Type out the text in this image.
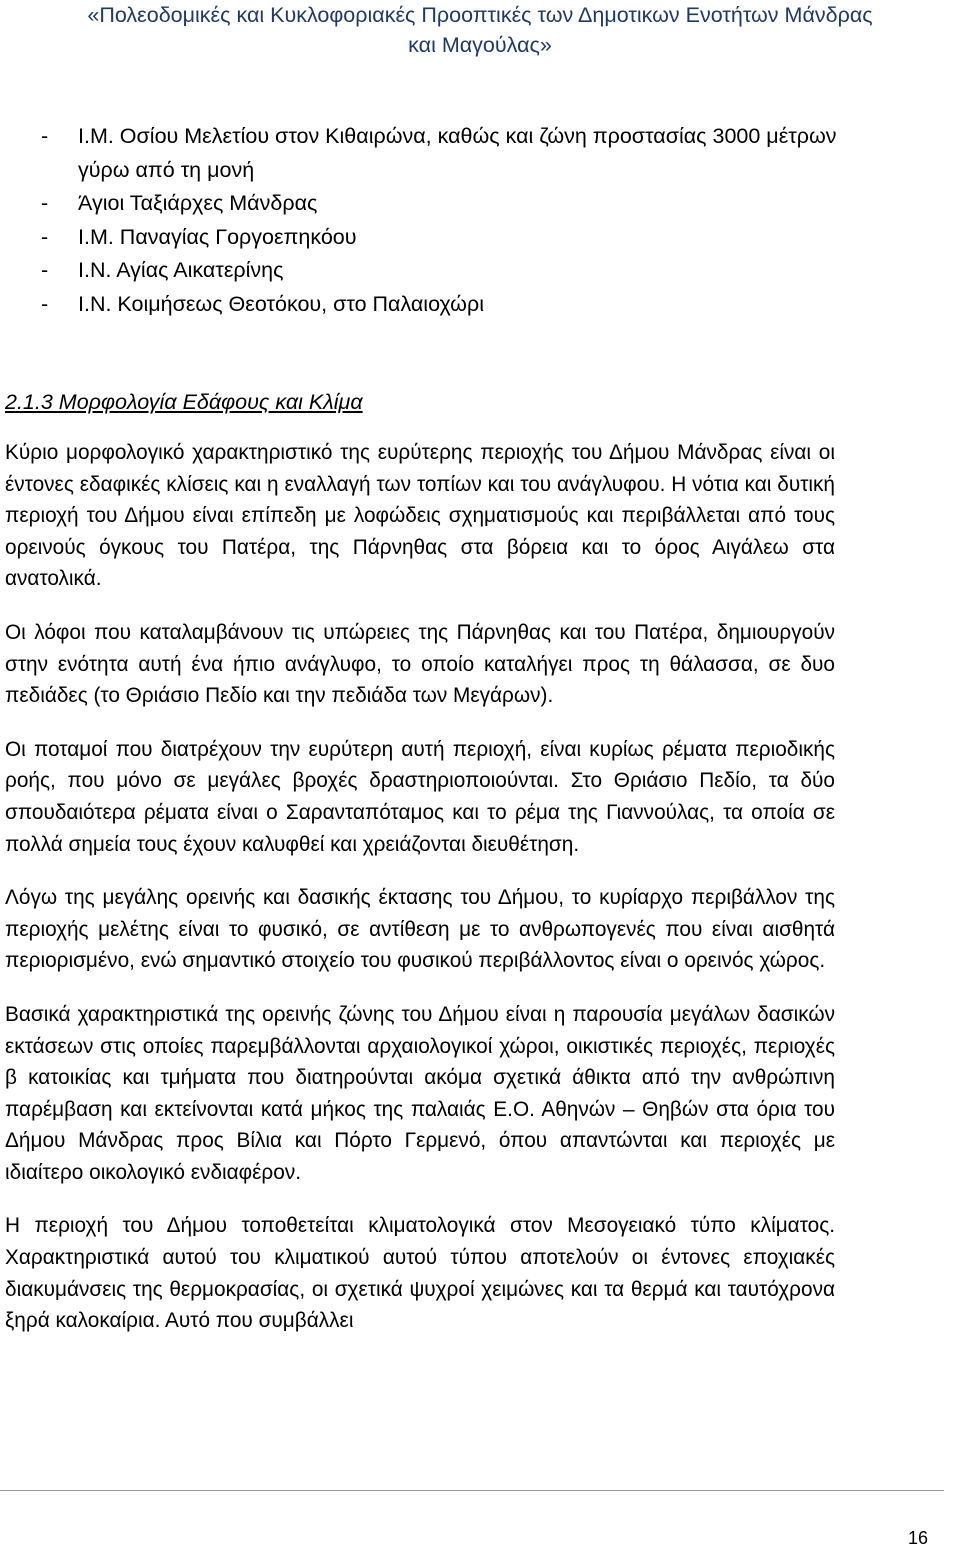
«Πολεοδομικές και Κυκλοφοριακές Προοπτικές των Δημοτικων Ενοτήτων Μάνδρας
και Μαγούλας»
- Ι.Μ. Οσίου Μελετίου στον Κιθαιρώνα, καθώς και ζώνη προστασίας 3000 μέτρων γύρω από τη μονή
- Άγιοι Ταξιάρχες Μάνδρας
- Ι.Μ. Παναγίας Γοργοεπηκόου
- Ι.Ν. Αγίας Αικατερίνης
- Ι.Ν. Κοιμήσεως Θεοτόκου, στο Παλαιοχώρι
2.1.3 Μορφολογία Εδάφους και Κλίμα

Κύριο μορφολογικό χαρακτηριστικό της ευρύτερης περιοχής του Δήμου Μάνδρας είναι οι έντονες εδαφικές κλίσεις και η εναλλαγή των τοπίων και του ανάγλυφου. Η νότια και δυτική περιοχή του Δήμου είναι επίπεδη με λοφώδεις σχηματισμούς και περιβάλλεται από τους ορεινούς όγκους του Πατέρα, της Πάρνηθας στα βόρεια και το όρος Αιγάλεω στα ανατολικά.

Οι λόφοι που καταλαμβάνουν τις υπώρειες της Πάρνηθας και του Πατέρα, δημιουργούν στην ενότητα αυτή ένα ήπιο ανάγλυφο, το οποίο καταλήγει προς τη θάλασσα, σε δυο πεδιάδες (το Θριάσιο Πεδίο και την πεδιάδα των Μεγάρων).

Οι ποταμοί που διατρέχουν την ευρύτερη αυτή περιοχή, είναι κυρίως ρέματα περιοδικής ροής, που μόνο σε μεγάλες βροχές δραστηριοποιούνται. Στο Θριάσιο Πεδίο, τα δύο σπουδαιότερα ρέματα είναι ο Σαρανταπόταμος και το ρέμα της Γιαννούλας, τα οποία σε πολλά σημεία τους έχουν καλυφθεί και χρειάζονται διευθέτηση.

Λόγω της μεγάλης ορεινής και δασικής έκτασης του Δήμου, το κυρίαρχο περιβάλλον της περιοχής μελέτης είναι το φυσικό, σε αντίθεση με το ανθρωπογενές που είναι αισθητά περιορισμένο, ενώ σημαντικό στοιχείο του φυσικού περιβάλλοντος είναι ο ορεινός χώρος.

Βασικά χαρακτηριστικά της ορεινής ζώνης του Δήμου είναι η παρουσία μεγάλων δασικών εκτάσεων στις οποίες παρεμβάλλονται αρχαιολογικοί χώροι, οικιστικές περιοχές, περιοχές β κατοικίας και τμήματα που διατηρούνται ακόμα σχετικά άθικτα από την ανθρώπινη παρέμβαση και εκτείνονται κατά μήκος της παλαιάς Ε.Ο. Αθηνών – Θηβών στα όρια του Δήμου Μάνδρας προς Βίλια και Πόρτο Γερμενό, όπου απαντώνται και περιοχές με ιδιαίτερο οικολογικό ενδιαφέρον.

Η περιοχή του Δήμου τοποθετείται κλιματολογικά στον Μεσογειακό τύπο κλίματος. Χαρακτηριστικά αυτού του κλιματικού αυτού τύπου αποτελούν οι έντονες εποχιακές διακυμάνσεις της θερμοκρασίας, οι σχετικά ψυχροί χειμώνες και τα θερμά και ταυτόχρονα ξηρά καλοκαίρια. Αυτό που συμβάλλει

16
